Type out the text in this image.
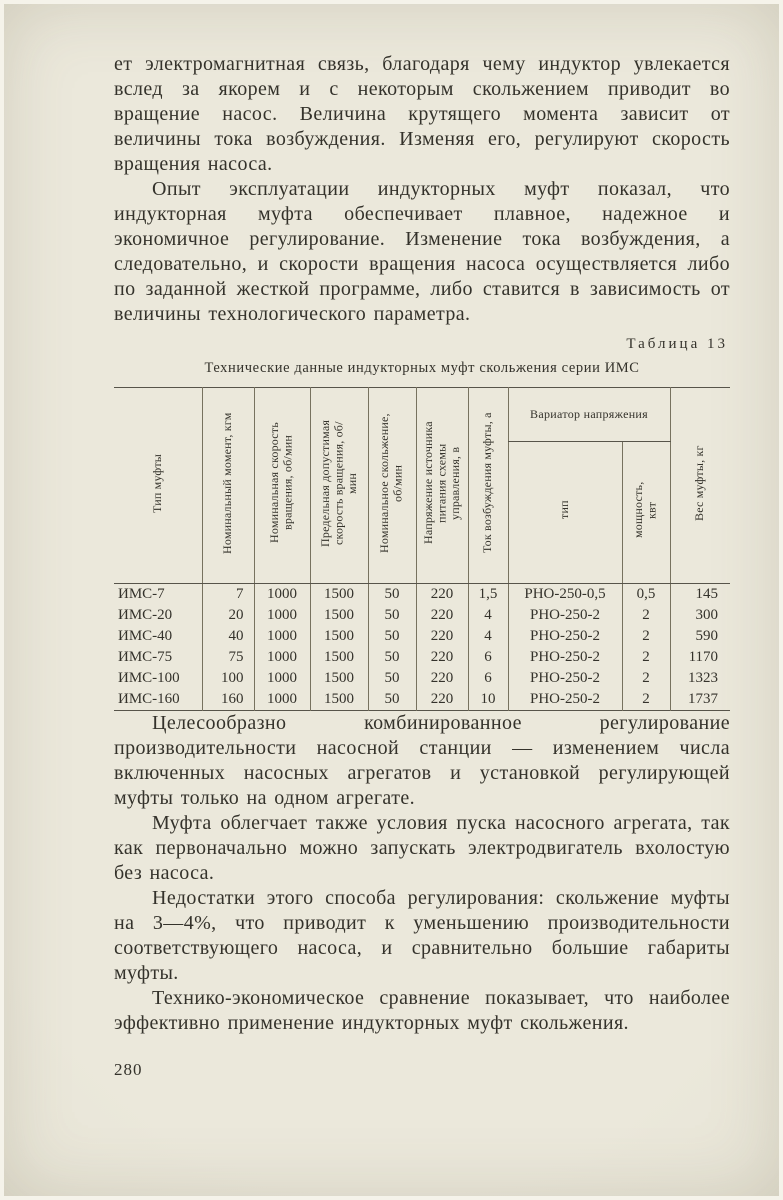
ет электромагнитная связь, благодаря чему индуктор увлекается вслед за якорем и с некоторым скольжением приводит во вращение насос. Величина крутящего момента зависит от величины тока возбуждения. Изменяя его, регулируют скорость вращения насоса.

Опыт эксплуатации индукторных муфт показал, что индукторная муфта обеспечивает плавное, надежное и экономичное регулирование. Изменение тока возбуждения, а следовательно, и скорости вращения насоса осуществляется либо по заданной жесткой программе, либо ставится в зависимость от величины технологического параметра.

Таблица 13
Технические данные индукторных муфт скольжения серии ИМС
Тип муфты	Номинальный момент, кгм	Номинальная скорость вращения, об/мин	Предельная допустимая скорость вращения, об/мин	Номинальное скольжение, об/мин	Напряжение источника питания схемы управления, в	Ток возбуждения муфты, а	Вариатор напряжения		Вес муфты, кг
							тип	мощность, квт	
ИМС-7	7	1000	1500	50	220	1,5	РНО-250-0,5	0,5	145
ИМС-20	20	1000	1500	50	220	4	РНО-250-2	2	300
ИМС-40	40	1000	1500	50	220	4	РНО-250-2	2	590
ИМС-75	75	1000	1500	50	220	6	РНО-250-2	2	1170
ИМС-100	100	1000	1500	50	220	6	РНО-250-2	2	1323
ИМС-160	160	1000	1500	50	220	10	РНО-250-2	2	1737

Целесообразно комбинированное регулирование производительности насосной станции — изменением числа включенных насосных агрегатов и установкой регулирующей муфты только на одном агрегате.

Муфта облегчает также условия пуска насосного агрегата, так как первоначально можно запускать электродвигатель вхолостую без насоса.

Недостатки этого способа регулирования: скольжение муфты на 3—4%, что приводит к уменьшению производительности соответствующего насоса, и сравнительно большие габариты муфты.

Технико-экономическое сравнение показывает, что наиболее эффективно применение индукторных муфт скольжения.

280
